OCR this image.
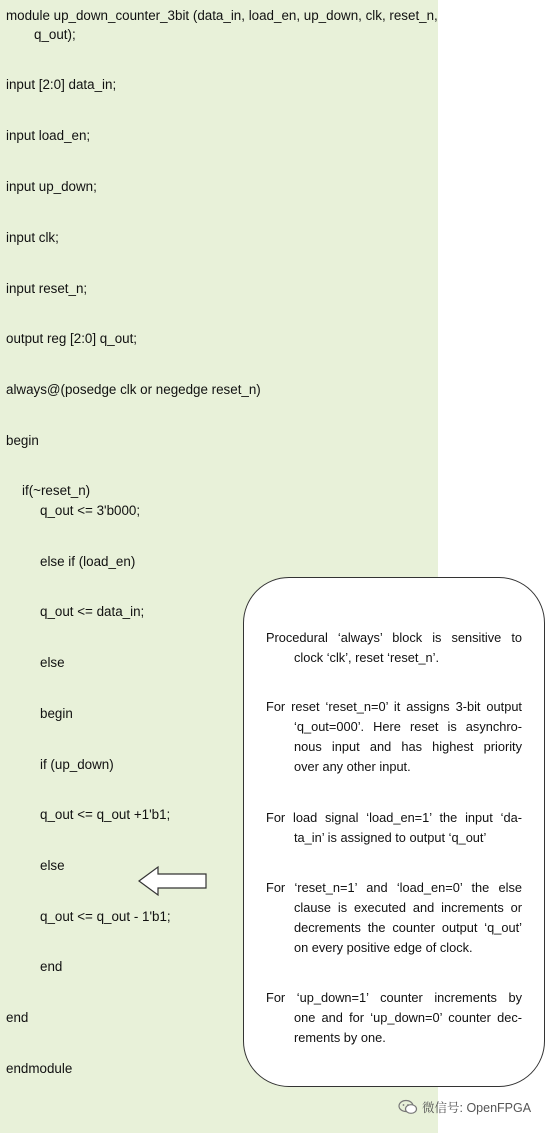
module up_down_counter_3bit (data_in, load_en, up_down, clk, reset_n,
q_out);
input [2:0] data_in;
input load_en;
input up_down;
input clk;
input reset_n;
output reg [2:0] q_out;
always@(posedge clk or negedge reset_n)
begin
if(~reset_n)
q_out <= 3'b000;
else if (load_en)
q_out <= data_in;
else
begin
if (up_down)
q_out <= q_out +1'b1;
else
q_out <= q_out - 1'b1;
end
end
endmodule
Procedural ‘always’ block is sensitive to
clock ‘clk’, reset ‘reset_n’.
For reset ‘reset_n=0’ it assigns 3-bit output
‘q_out=000’. Here reset is asynchro-
nous input and has highest priority
over any other input.
For load signal ‘load_en=1’ the input ‘da-
ta_in’ is assigned to output ‘q_out’
For ‘reset_n=1’ and ‘load_en=0’ the else
clause is executed and increments or
decrements the counter output ‘q_out’
on every positive edge of clock.
For ‘up_down=1’ counter increments by
one and for ‘up_down=0’ counter dec-
rements by one.
微信号: OpenFPGA
